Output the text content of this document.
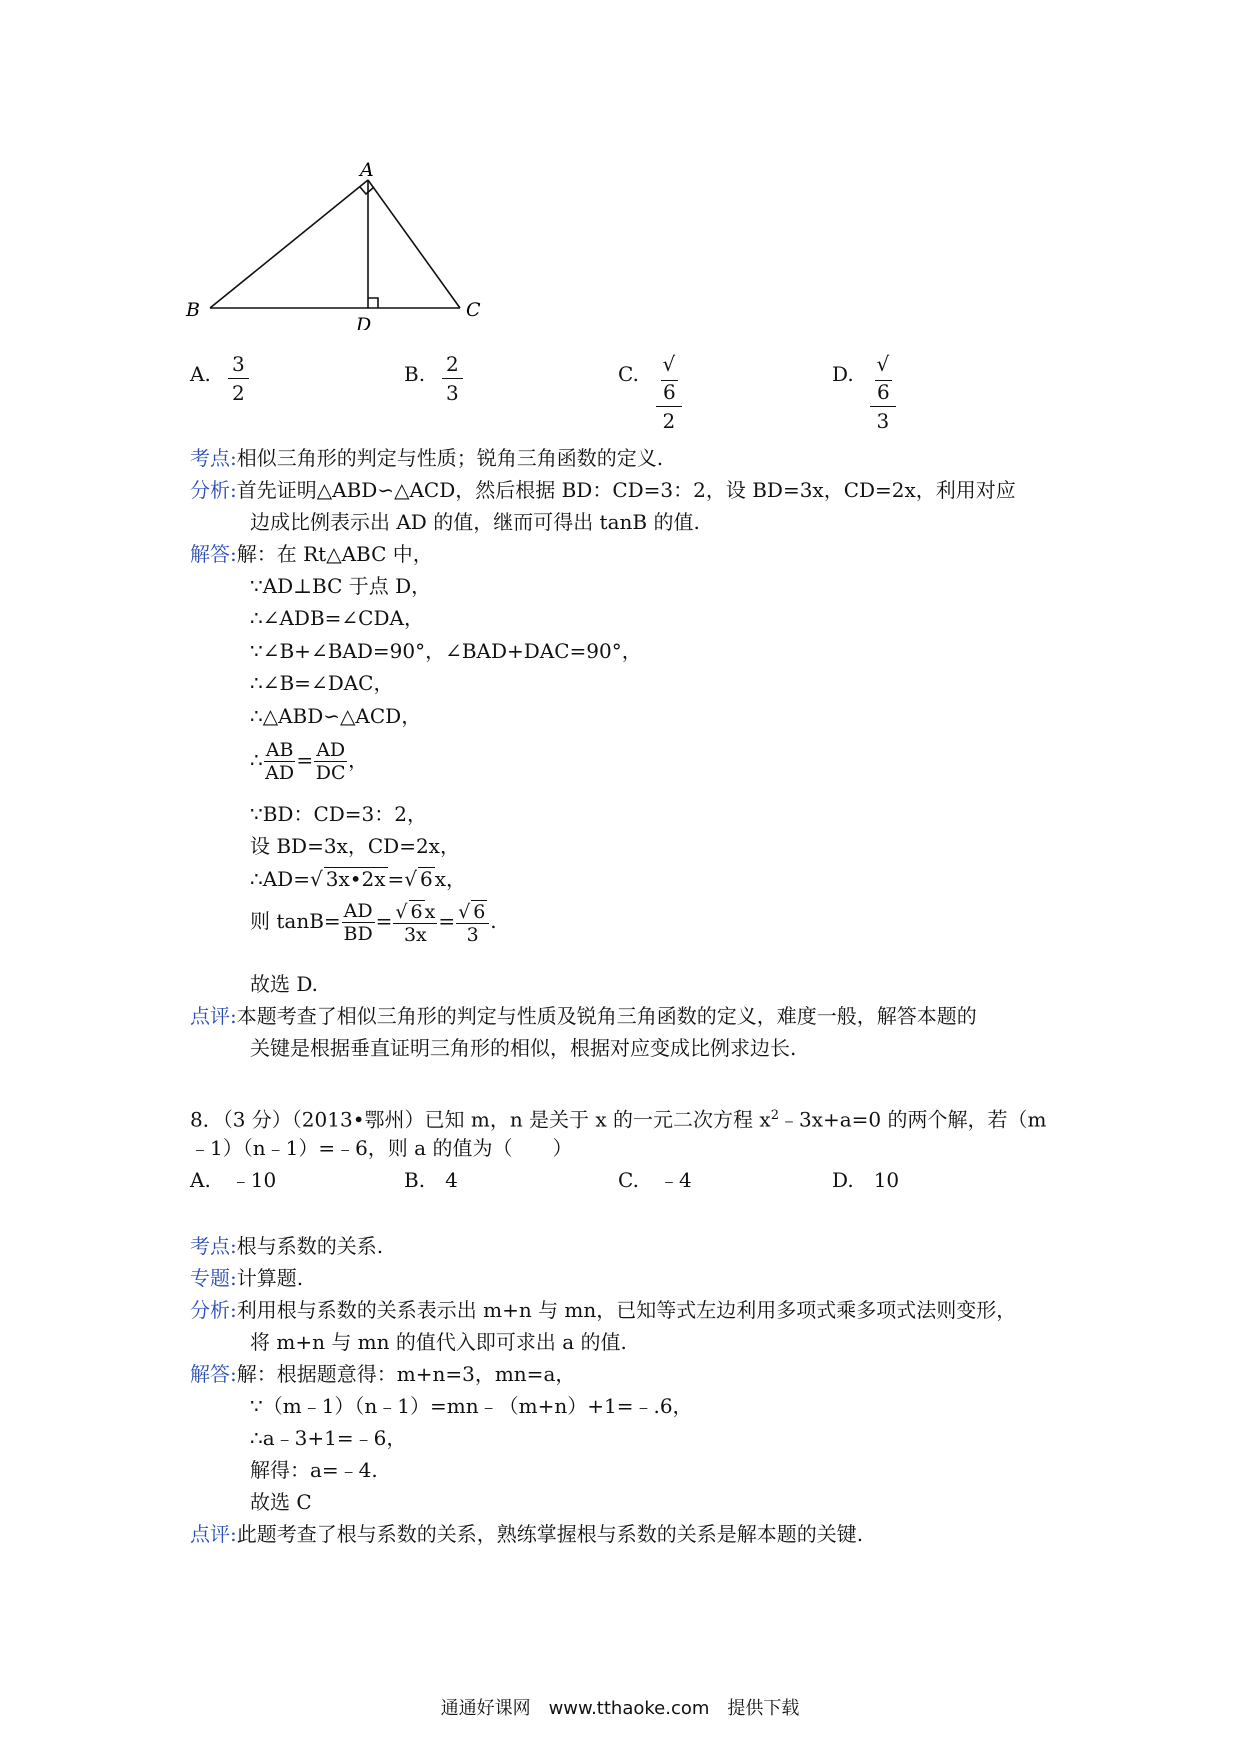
A
B	C
D
A. $\frac{3}{2}$	B. $\frac{2}{3}$	C. $\frac{√6}{2}$	D. $\frac{√6}{3}$
考点:相似三角形的判定与性质；锐角三角函数的定义.
分析:首先证明△ABD∽△ACD，然后根据 BD：CD=3：2，设 BD=3x，CD=2x，利用对应
边成比例表示出 AD 的值，继而可得出 tanB 的值.
解答:解：在 Rt△ABC 中，
∵AD⊥BC 于点 D，
∴∠ADB=∠CDA，
∵∠B+∠BAD=90°，∠BAD+DAC=90°，
∴∠B=∠DAC，
∴△ABD∽△ACD，
∴ $\frac{AB}{AD} = \frac{AD}{DC}$ ，
∵BD：CD=3：2，
设 BD=3x，CD=2x，
∴AD=√ 3x•2x =√ 6 x，
则 $\tan B= \frac{AD}{BD} = \frac{√ 6 x}{3x} = \frac{√ 6}{3}$ .
故选 D.
点评:本题考查了相似三角形的判定与性质及锐角三角函数的定义，难度一般，解答本题的
关键是根据垂直证明三角形的相似，根据对应变成比例求边长.
8．（3 分）（2013•鄂州）已知 m，n 是关于 x 的一元二次方程 $x^2﹣3x+a=0$ 的两个解，若（m
﹣1）（n﹣1）=﹣6，则 a 的值为（　　）
A.　 ﹣10	B.　 4	C.　 ﹣4	D.　 10
考点:根与系数的关系.
专题:计算题.
分析:利用根与系数的关系表示出 m+n 与 mn，已知等式左边利用多项式乘多项式法则变形，
将 m+n 与 mn 的值代入即可求出 a 的值.
解答:解：根据题意得：m+n=3，mn=a，
∵（m﹣1）（n﹣1）=mn﹣（m+n）+1=﹣.6，
∴a﹣3+1=﹣6，
解得：a=﹣4.
故选 C
点评:此题考查了根与系数的关系，熟练掌握根与系数的关系是解本题的关键.
通通好课网　www.tthaoke.com　提供下载
